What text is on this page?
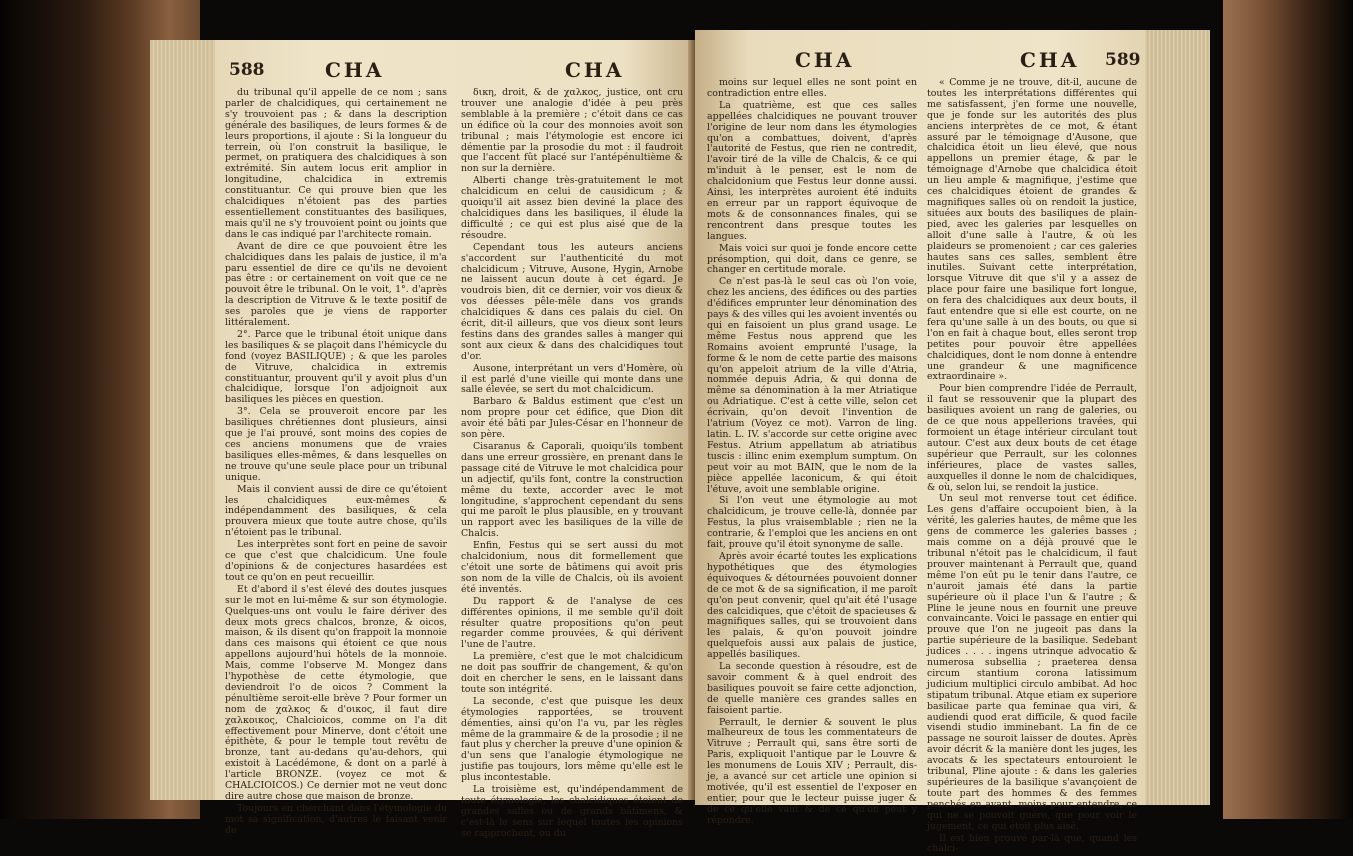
588	CHA	CHA

du tribunal qu'il appelle de ce nom ; sans parler de chalcidiques, qui certainement ne s'y trouvoient pas ; & dans la description générale des basiliques, de leurs formes & de leurs proportions, il ajoute : Si la longueur du terrein, où l'on construit la basilique, le permet, on pratiquera des chalcidiques à son extrémité. Sin autem locus erit amplior in longitudine, chalcidica in extremis constituantur. Ce qui prouve bien que les chalcidiques n'étoient pas des parties essentiellement constituantes des basiliques, mais qu'il ne s'y trouvoient point ou joints que dans le cas indiqué par l'architecte romain.

Avant de dire ce que pouvoient être les chalcidiques dans les palais de justice, il m'a paru essentiel de dire ce qu'ils ne devoient pas être : or certainement on voit que ce ne pouvoit être le tribunal. On le voit, 1°. d'après la description de Vitruve & le texte positif de ses paroles que je viens de rapporter littéralement.

2°. Parce que le tribunal étoit unique dans les basiliques & se plaçoit dans l'hémicycle du fond (voyez BASILIQUE) ; & que les paroles de Vitruve, chalcidica in extremis constituantur, prouvent qu'il y avoit plus d'un chalcidique, lorsque l'on adjoignoit aux basiliques les pièces en question.

3°. Cela se prouveroit encore par les basiliques chrétiennes dont plusieurs, ainsi que je l'ai prouvé, sont moins des copies de ces anciens monumens que de vraies basiliques elles-mêmes, & dans lesquelles on ne trouve qu'une seule place pour un tribunal unique.

Mais il convient aussi de dire ce qu'étoient les chalcidiques eux-mêmes & indépendamment des basiliques, & cela prouvera mieux que toute autre chose, qu'ils n'étoient pas le tribunal.

Les interprètes sont fort en peine de savoir ce que c'est que chalcidicum. Une foule d'opinions & de conjectures hasardées est tout ce qu'on en peut recueillir.

Et d'abord il s'est élevé des doutes jusques sur le mot en lui-même & sur son étymologie. Quelques-uns ont voulu le faire dériver des deux mots grecs chalcos, bronze, & oicos, maison, & ils disent qu'on frappoit la monnoie dans ces maisons qui étoient ce que nous appellons aujourd'hui hôtels de la monnoie. Mais, comme l'observe M. Mongez dans l'hypothèse de cette étymologie, que deviendroit l'o de oicos ? Comment la pénultième seroit-elle brève ? Pour former un nom de χαλκος & d'οικος, il faut dire χαλκοικος, Chalcioicos, comme on l'a dit effectivement pour Minerve, dont c'étoit une épithète, & pour le temple tout revêtu de bronze, tant au-dedans qu'au-dehors, qui existoit à Lacédémone, & dont on a parlé à l'article BRONZE. (voyez ce mot & CHALCIOICOS.) Ce dernier mot ne veut donc dire autre chose que maison de bronze.

Toujours en cherchant dans l'étymologie du mot sa signification, d'autres le faisant venir de

δικη, droit, & de χαλκος, justice, ont cru trouver une analogie d'idée à peu près semblable à la première ; c'étoit dans ce cas un édifice où la cour des monnoies avoit son tribunal ; mais l'étymologie est encore ici démentie par la prosodie du mot : il faudroit que l'accent fût placé sur l'antépénultième & non sur la dernière.

Alberti change très-gratuitement le mot chalcidicum en celui de causidicum ; & quoiqu'il ait assez bien deviné la place des chalcidiques dans les basiliques, il élude la difficulté ; ce qui est plus aisé que de la résoudre.

Cependant tous les auteurs anciens s'accordent sur l'authenticité du mot chalcidicum ; Vitruve, Ausone, Hygin, Arnobe ne laissent aucun doute à cet égard. Je voudrois bien, dit ce dernier, voir vos dieux & vos déesses pêle-mêle dans vos grands chalcidiques & dans ces palais du ciel. On écrit, dit-il ailleurs, que vos dieux sont leurs festins dans des grandes salles à manger qui sont aux cieux & dans des chalcidiques tout d'or.

Ausone, interprétant un vers d'Homère, où il est parlé d'une vieille qui monte dans une salle élevée, se sert du mot chalcidicum.

Barbaro & Baldus estiment que c'est un nom propre pour cet édifice, que Dion dit avoir été bâti par Jules-César en l'honneur de son père.

Cisaranus & Caporali, quoiqu'ils tombent dans une erreur grossière, en prenant dans le passage cité de Vitruve le mot chalcidica pour un adjectif, qu'ils font, contre la construction même du texte, accorder avec le mot longitudine, s'approchent cependant du sens qui me paroît le plus plausible, en y trouvant un rapport avec les basiliques de la ville de Chalcis.

Enfin, Festus qui se sert aussi du mot chalcidonium, nous dit formellement que c'étoit une sorte de bâtimens qui avoit pris son nom de la ville de Chalcis, où ils avoient été inventés.

Du rapport & de l'analyse de ces différentes opinions, il me semble qu'il doit résulter quatre propositions qu'on peut regarder comme prouvées, & qui dérivent l'une de l'autre.

La première, c'est que le mot chalcidicum ne doit pas souffrir de changement, & qu'on doit en chercher le sens, en le laissant dans toute son intégrité.

La seconde, c'est que puisque les deux étymologies rapportées, se trouvent démenties, ainsi qu'on l'a vu, par les règles même de la grammaire & de la prosodie ; il ne faut plus y chercher la preuve d'une opinion & d'un sens que l'analogie étymologique ne justifie pas toujours, lors même qu'elle est le plus incontestable.

La troisième est, qu'indépendamment de toute étymologie, les chalcidiques étoient de grandes salles ou de grands bâtimens, & c'est-là le sens sur lequel toutes les opinions se rapprochent, ou du

CHA	CHA 589

moins sur lequel elles ne sont point en contradiction entre elles.

La quatrième, est que ces salles appellées chalcidiques ne pouvant trouver l'origine de leur nom dans les étymologies qu'on a combattues, doivent, d'après l'autorité de Festus, que rien ne contredit, l'avoir tiré de la ville de Chalcis, & ce qui m'induit à le penser, est le nom de chalcidonium que Festus leur donne aussi. Ainsi, les interprètes auroient été induits en erreur par un rapport équivoque de mots & de consonnances finales, qui se rencontrent dans presque toutes les langues.

Mais voici sur quoi je fonde encore cette présomption, qui doit, dans ce genre, se changer en certitude morale.

Ce n'est pas-là le seul cas où l'on voie, chez les anciens, des édifices ou des parties d'édifices emprunter leur dénomination des pays & des villes qui les avoient inventés ou qui en faisoient un plus grand usage. Le même Festus nous apprend que les Romains avoient emprunté l'usage, la forme & le nom de cette partie des maisons qu'on appeloit atrium de la ville d'Atria, nommée depuis Adria, & qui donna de même sa dénomination à la mer Atriatique ou Adriatique. C'est à cette ville, selon cet écrivain, qu'on devoit l'invention de l'atrium (Voyez ce mot). Varron de ling. latin. L. IV. s'accorde sur cette origine avec Festus. Atrium appellatum ab atriatibus tuscis : illinc enim exemplum sumptum. On peut voir au mot BAIN, que le nom de la pièce appellée laconicum, & qui étoit l'étuve, avoit une semblable origine.

Si l'on veut une étymologie au mot chalcidicum, je trouve celle-là, donnée par Festus, la plus vraisemblable ; rien ne la contrarie, & l'emploi que les anciens en ont fait, prouve qu'il étoit synonyme de salle.

Après avoir écarté toutes les explications hypothétiques que des étymologies équivoques & détournées pouvoient donner de ce mot & de sa signification, il me paroît qu'on peut convenir, quel qu'ait été l'usage des calcidiques, que c'étoit de spacieuses & magnifiques salles, qui se trouvoient dans les palais, & qu'on pouvoit joindre quelquefois aussi aux palais de justice, appellés basiliques.

La seconde question à résoudre, est de savoir comment & à quel endroit des basiliques pouvoit se faire cette adjonction, de quelle manière ces grandes salles en faisoient partie.

Perrault, le dernier & souvent le plus malheureux de tous les commentateurs de Vitruve ; Perrault qui, sans être sorti de Paris, expliquoit l'antique par le Louvre & les monumens de Louis XIV ; Perrault, dis-je, a avancé sur cet article une opinion si motivée, qu'il est essentiel de l'exposer en entier, pour que le lecteur puisse juger & de ce qu'elle vaut & de ce qu'on peut y répondre.

« Comme je ne trouve, dit-il, aucune de toutes les interprétations différentes qui me satisfassent, j'en forme une nouvelle, que je fonde sur les autorités des plus anciens interprètes de ce mot, & étant assuré par le témoignage d'Ausone, que chalcidica étoit un lieu élevé, que nous appellons un premier étage, & par le témoignage d'Arnobe que chalcidica étoit un lieu ample & magnifique, j'estime que ces chalcidiques étoient de grandes & magnifiques salles où on rendoit la justice, situées aux bouts des basiliques de plain-pied, avec les galeries par lesquelles on alloit d'une salle à l'autre, & où les plaideurs se promenoient ; car ces galeries hautes sans ces salles, semblent être inutiles. Suivant cette interprétation, lorsque Vitruve dit que s'il y a assez de place pour faire une basilique fort longue, on fera des chalcidiques aux deux bouts, il faut entendre que si elle est courte, on ne fera qu'une salle à un des bouts, ou que si l'on en fait à chaque bout, elles seront trop petites pour pouvoir être appellées chalcidiques, dont le nom donne à entendre une grandeur & une magnificence extraordinaire ».

Pour bien comprendre l'idée de Perrault, il faut se ressouvenir que la plupart des basiliques avoient un rang de galeries, ou de ce que nous appellerions travées, qui formoient un étage intérieur circulant tout autour. C'est aux deux bouts de cet étage supérieur que Perrault, sur les colonnes inférieures, place de vastes salles, auxquelles il donne le nom de chalcidiques, & où, selon lui, se rendoit la justice.

Un seul mot renverse tout cet édifice. Les gens d'affaire occupoient bien, à la vérité, les galeries hautes, de même que les gens de commerce les galeries basses ; mais comme on a déjà prouvé que le tribunal n'étoit pas le chalcidicum, il faut prouver maintenant à Perrault que, quand même l'on eût pu le tenir dans l'autre, ce n'auroit jamais été dans la partie supérieure où il place l'un & l'autre ; & Pline le jeune nous en fournit une preuve convaincante. Voici le passage en entier qui prouve que l'on ne jugeoit pas dans la partie supérieure de la basilique. Sedebant judices . . . . ingens utrinque advocatio & numerosa subsellia ; praeterea densa circum stantium corona latissimum judicium multiplici circulo ambibat. Ad hoc stipatum tribunal. Atque etiam ex superiore basilicae parte qua feminae qua viri, & audiendi quod erat difficile, & quod facile visendi studio imminebant. La fin de ce passage ne souroit laisser de doutes. Après avoir décrit & la manière dont les juges, les avocats & les spectateurs entouroient le tribunal, Pline ajoute : & dans les galeries supérieures de la basilique s'avançoient de toute part des hommes & des femmes penchés en avant, moins pour entendre, ce qui ne se pouvoit guère, que pour voir le jugement, ce qui étoit plus aisé.

Il est bien prouvé par-là que, quand les chalci-
